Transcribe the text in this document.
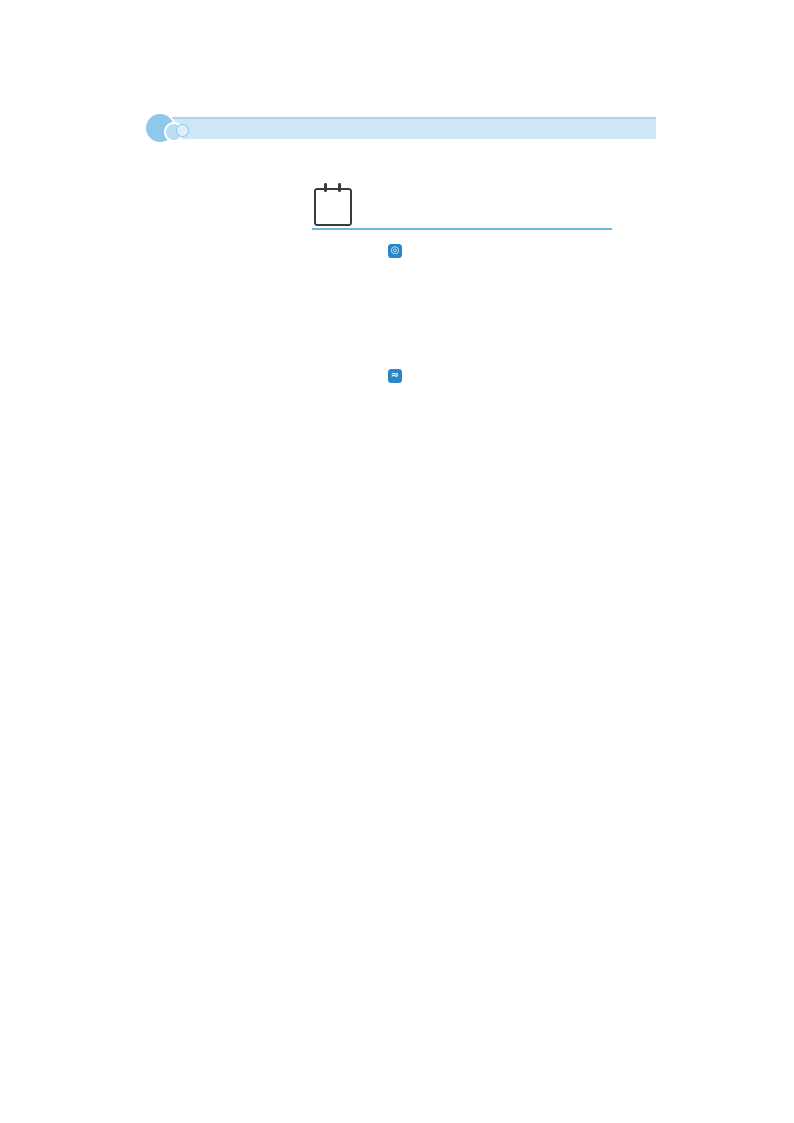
◎
≈
